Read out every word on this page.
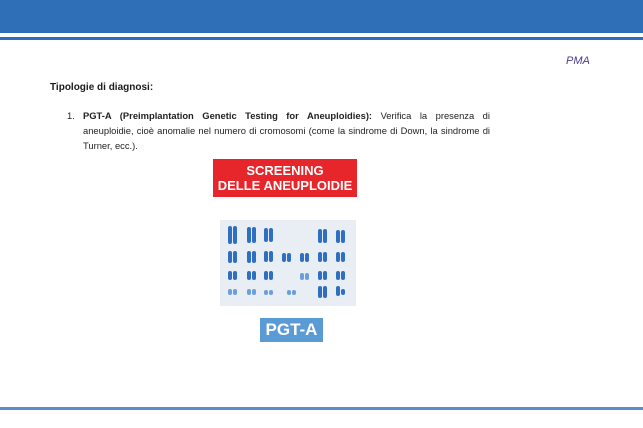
PMA
Tipologie di diagnosi:
1. PGT-A (Preimplantation Genetic Testing for Aneuploidies): Verifica la presenza di aneuploidie, cioè anomalie nel numero di cromosomi (come la sindrome di Down, la sindrome di Turner, ecc.).
SCREENING
DELLE ANEUPLOIDIE
PGT-A
